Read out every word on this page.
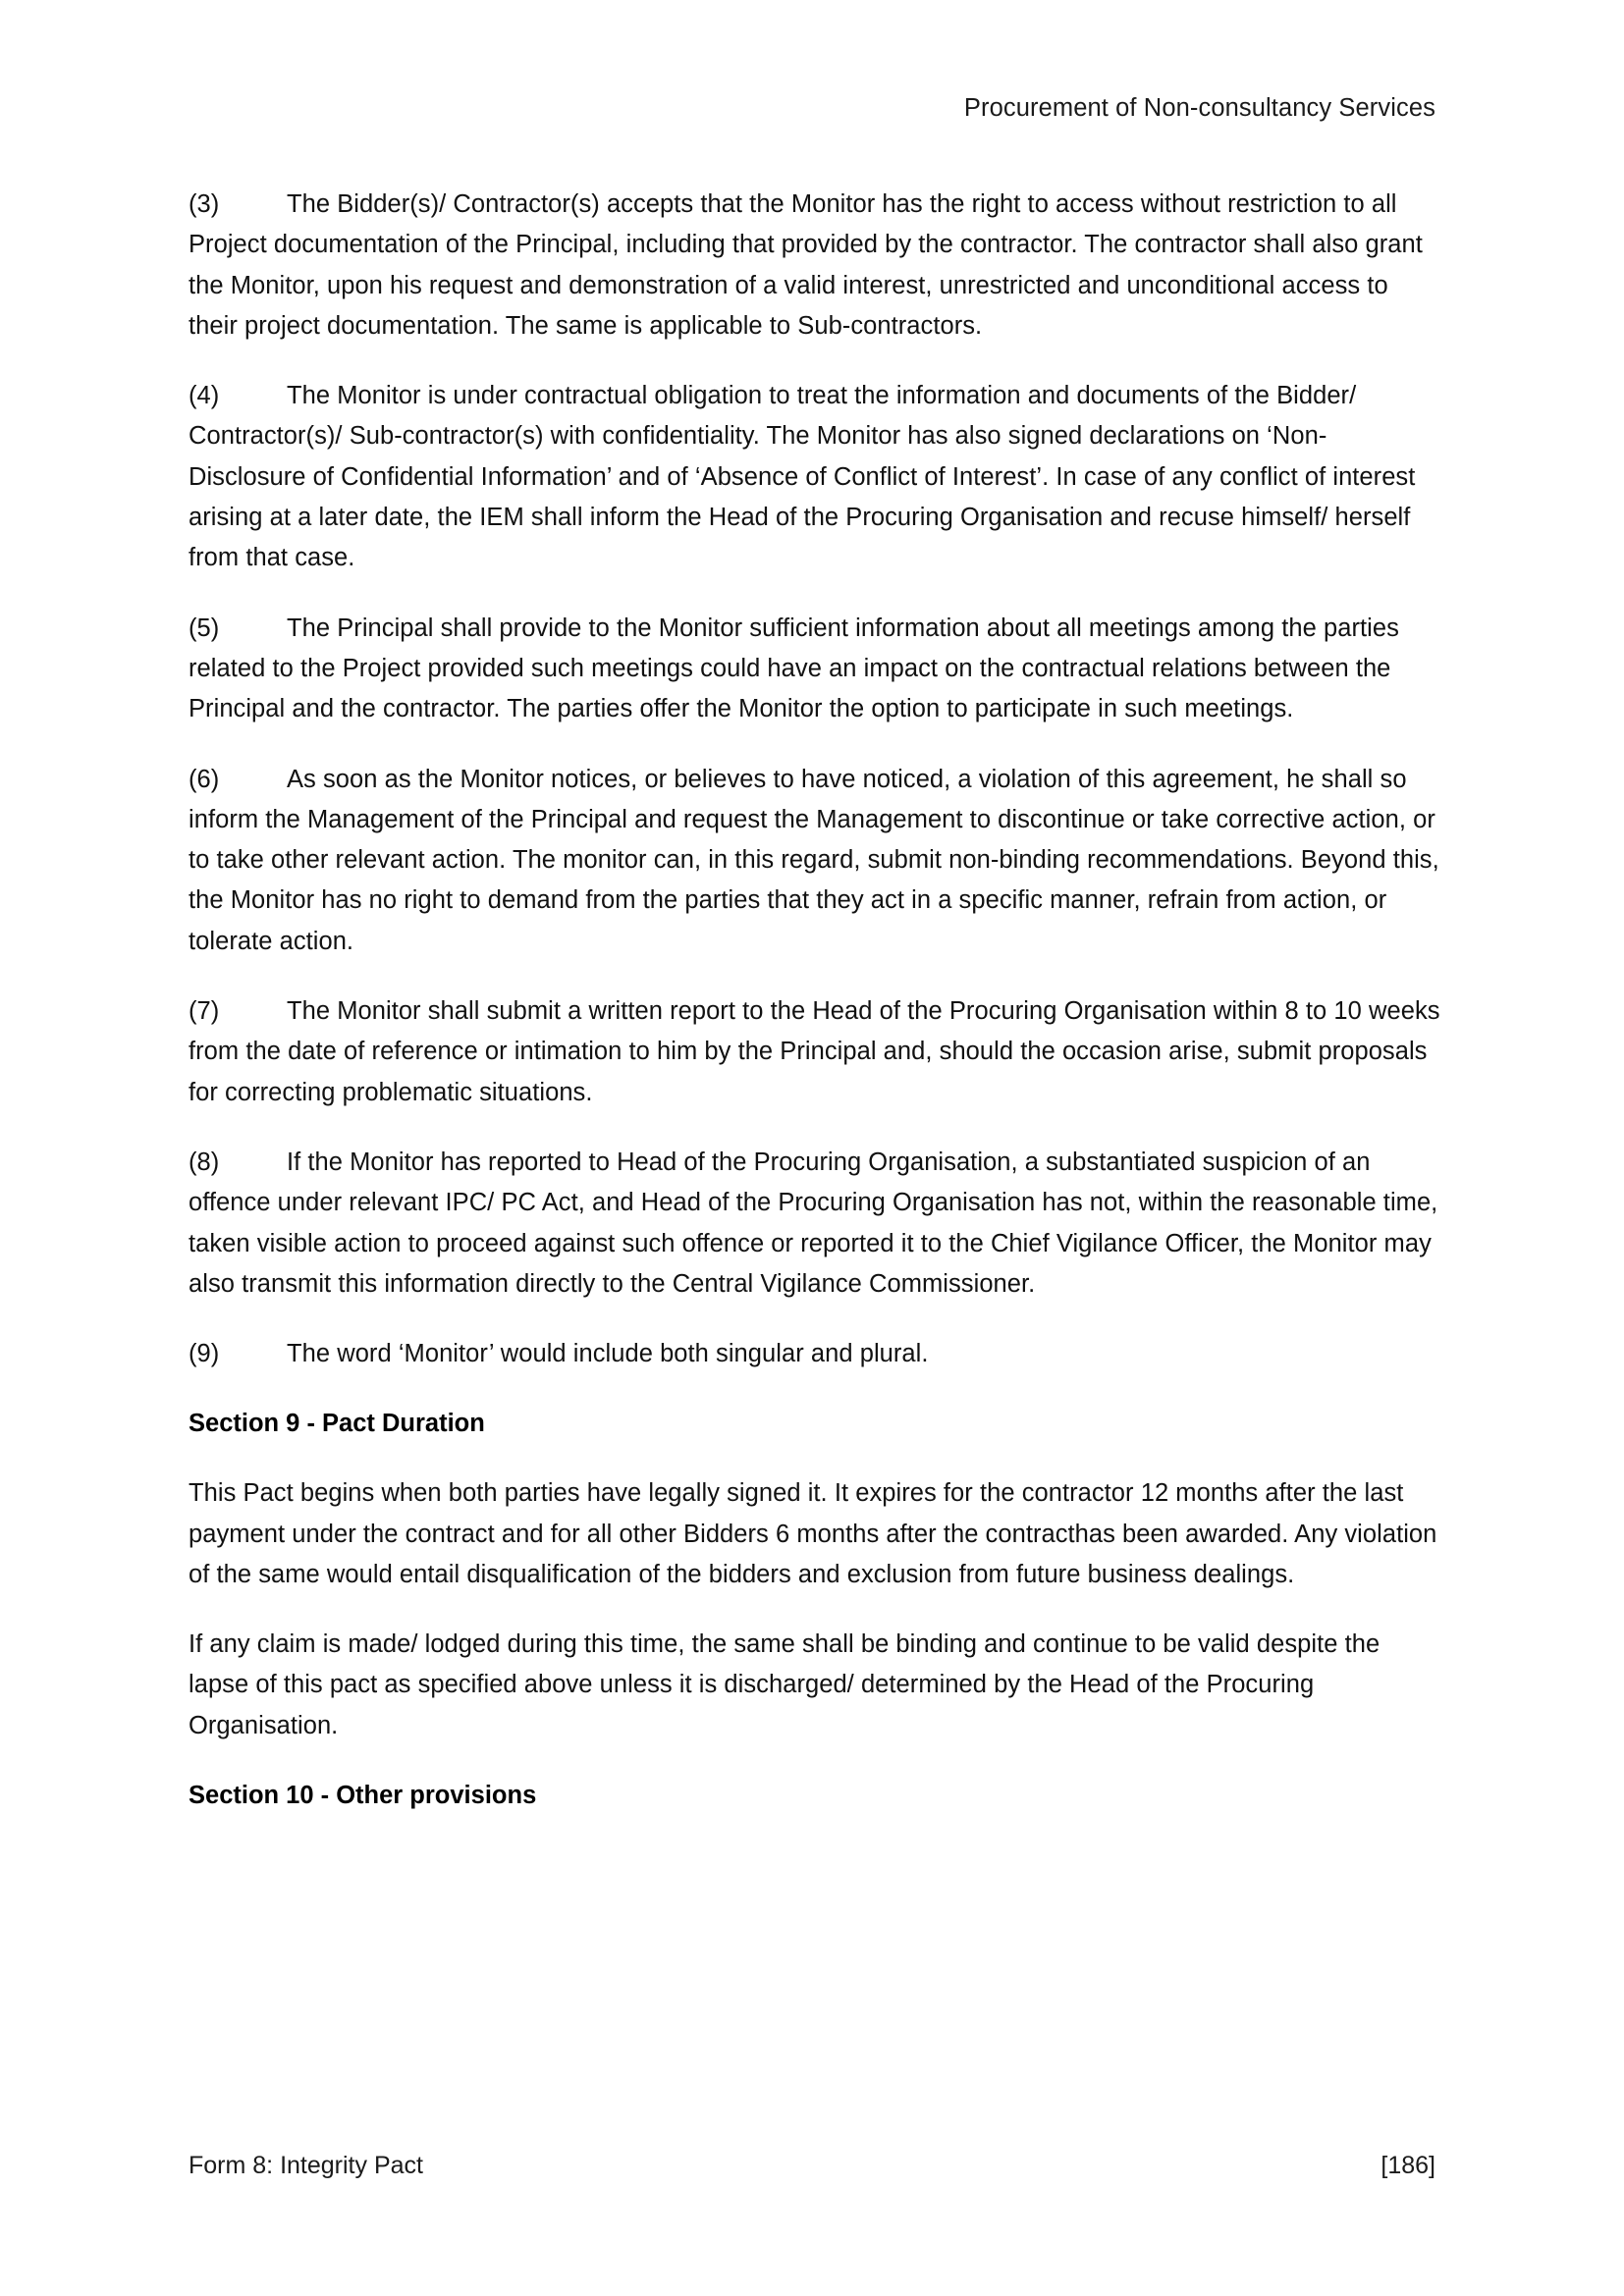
Procurement of Non-consultancy Services

(3)	The Bidder(s)/ Contractor(s) accepts that the Monitor has the right to access without restriction to all Project documentation of the Principal, including that provided by the contractor. The contractor shall also grant the Monitor, upon his request and demonstration of a valid interest, unrestricted and unconditional access to their project documentation. The same is applicable to Sub-contractors.

(4)	The Monitor is under contractual obligation to treat the information and documents of the Bidder/ Contractor(s)/ Sub-contractor(s) with confidentiality. The Monitor has also signed declarations on ‘Non-Disclosure of Confidential Information’ and of ‘Absence of Conflict of Interest’. In case of any conflict of interest arising at a later date, the IEM shall inform the Head of the Procuring Organisation and recuse himself/ herself from that case.

(5)	The Principal shall provide to the Monitor sufficient information about all meetings among the parties related to the Project provided such meetings could have an impact on the contractual relations between the Principal and the contractor. The parties offer the Monitor the option to participate in such meetings.

(6)	As soon as the Monitor notices, or believes to have noticed, a violation of this agreement, he shall so inform the Management of the Principal and request the Management to discontinue or take corrective action, or to take other relevant action. The monitor can, in this regard, submit non-binding recommendations. Beyond this, the Monitor has no right to demand from the parties that they act in a specific manner, refrain from action, or tolerate action.

(7)	The Monitor shall submit a written report to the Head of the Procuring Organisation within 8 to 10 weeks from the date of reference or intimation to him by the Principal and, should the occasion arise, submit proposals for correcting problematic situations.

(8)	If the Monitor has reported to Head of the Procuring Organisation, a substantiated suspicion of an offence under relevant IPC/ PC Act, and Head of the Procuring Organisation has not, within the reasonable time, taken visible action to proceed against such offence or reported it to the Chief Vigilance Officer, the Monitor may also transmit this information directly to the Central Vigilance Commissioner.

(9)	The word ‘Monitor’ would include both singular and plural.

Section 9 - Pact Duration

This Pact begins when both parties have legally signed it. It expires for the contractor 12 months after the last payment under the contract and for all other Bidders 6 months after the contracthas been awarded. Any violation of the same would entail disqualification of the bidders and exclusion from future business dealings.

If any claim is made/ lodged during this time, the same shall be binding and continue to be valid despite the lapse of this pact as specified above unless it is discharged/ determined by the Head of the Procuring Organisation.

Section 10 - Other provisions
Form 8: Integrity Pact	[186]
